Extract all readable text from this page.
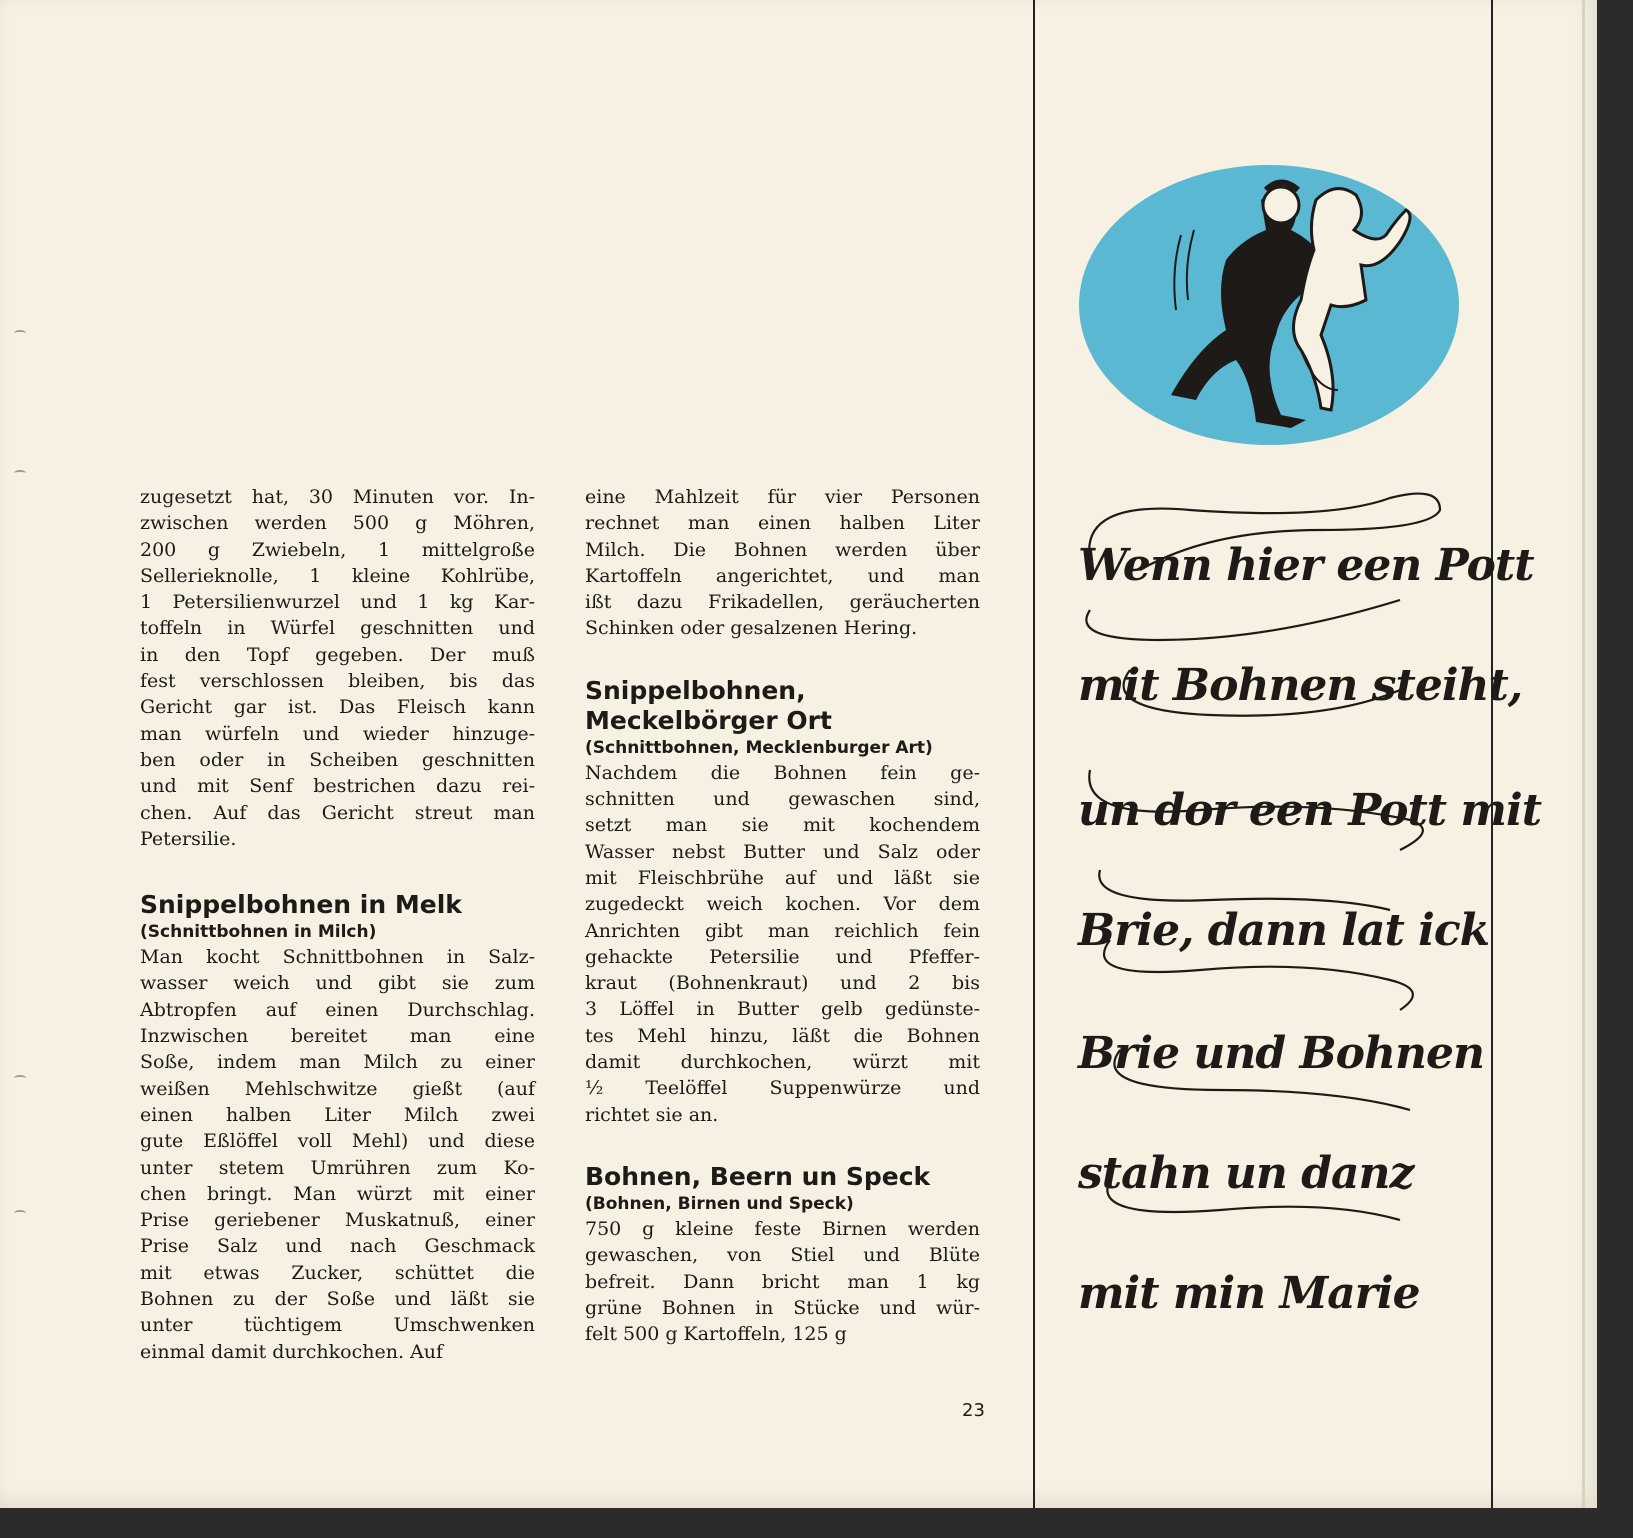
zugesetzt hat, 30 Minuten vor. In-
zwischen werden 500 g Möhren,
200 g Zwiebeln, 1 mittelgroße
Sellerieknolle, 1 kleine Kohlrübe,
1 Petersilienwurzel und 1 kg Kar-
toffeln in Würfel geschnitten und
in den Topf gegeben. Der muß
fest verschlossen bleiben, bis das
Gericht gar ist. Das Fleisch kann
man würfeln und wieder hinzuge-
ben oder in Scheiben geschnitten
und mit Senf bestrichen dazu rei-
chen. Auf das Gericht streut man
Petersilie.
Snippelbohnen in Melk
(Schnittbohnen in Milch)
Man kocht Schnittbohnen in Salz-
wasser weich und gibt sie zum
Abtropfen auf einen Durchschlag.
Inzwischen bereitet man eine
Soße, indem man Milch zu einer
weißen Mehlschwitze gießt (auf
einen halben Liter Milch zwei
gute Eßlöffel voll Mehl) und diese
unter stetem Umrühren zum Ko-
chen bringt. Man würzt mit einer
Prise geriebener Muskatnuß, einer
Prise Salz und nach Geschmack
mit etwas Zucker, schüttet die
Bohnen zu der Soße und läßt sie
unter tüchtigem Umschwenken
einmal damit durchkochen. Auf
eine Mahlzeit für vier Personen
rechnet man einen halben Liter
Milch. Die Bohnen werden über
Kartoffeln angerichtet, und man
ißt dazu Frikadellen, geräucherten
Schinken oder gesalzenen Hering.
Snippelbohnen,
Meckelbörger Ort
(Schnittbohnen, Mecklenburger Art)
Nachdem die Bohnen fein ge-
schnitten und gewaschen sind,
setzt man sie mit kochendem
Wasser nebst Butter und Salz oder
mit Fleischbrühe auf und läßt sie
zugedeckt weich kochen. Vor dem
Anrichten gibt man reichlich fein
gehackte Petersilie und Pfeffer-
kraut (Bohnenkraut) und 2 bis
3 Löffel in Butter gelb gedünste-
tes Mehl hinzu, läßt die Bohnen
damit durchkochen, würzt mit
½ Teelöffel Suppenwürze und
richtet sie an.
Bohnen, Beern un Speck
(Bohnen, Birnen und Speck)
750 g kleine feste Birnen werden
gewaschen, von Stiel und Blüte
befreit. Dann bricht man 1 kg
grüne Bohnen in Stücke und wür-
felt 500 g Kartoffeln, 125 g
23
Wenn hier een Pott
mit Bohnen steiht,
un dor een Pott mit
Brie, dann lat ick
Brie und Bohnen
stahn un danz
mit min Marie
